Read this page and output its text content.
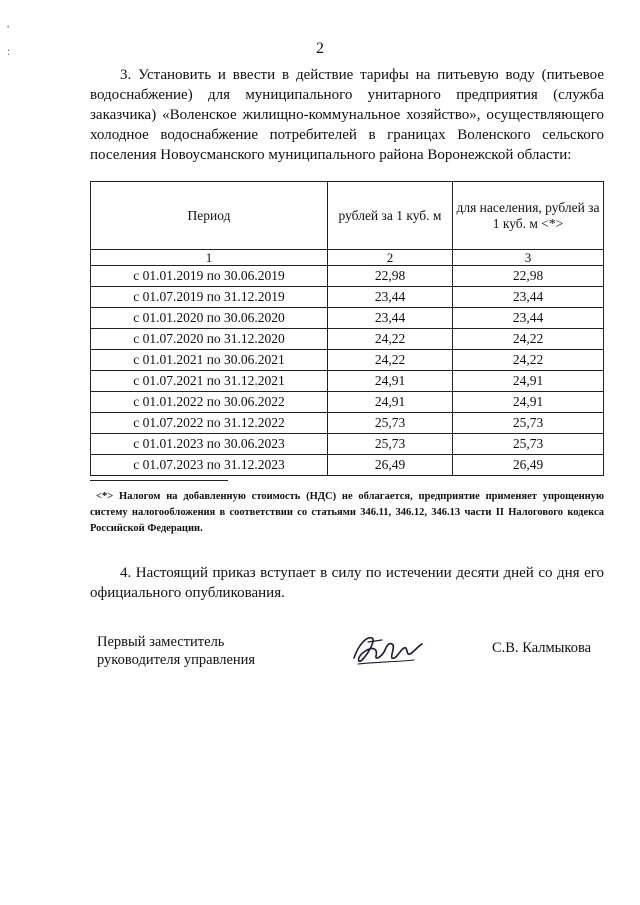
2
'
:
3. Установить и ввести в действие тарифы на питьевую воду (питьевое водоснабжение) для муниципального унитарного предприятия (служба заказчика) «Воленское жилищно-коммунальное хозяйство», осуществляющего холодное водоснабжение потребителей в границах Воленского сельского поселения Новоусманского муниципального района Воронежской области:
Период	рублей за 1 куб. м	для населения, рублей за 1 куб. м <*>
1	2	3
с 01.01.2019 по 30.06.2019	22,98	22,98
с 01.07.2019 по 31.12.2019	23,44	23,44
с 01.01.2020 по 30.06.2020	23,44	23,44
с 01.07.2020 по 31.12.2020	24,22	24,22
с 01.01.2021 по 30.06.2021	24,22	24,22
с 01.07.2021 по 31.12.2021	24,91	24,91
с 01.01.2022 по 30.06.2022	24,91	24,91
с 01.07.2022 по 31.12.2022	25,73	25,73
с 01.01.2023 по 30.06.2023	25,73	25,73
с 01.07.2023 по 31.12.2023	26,49	26,49
<*> Налогом на добавленную стоимость (НДС) не облагается, предприятие применяет упрощенную систему налогообложения в соответствии со статьями 346.11, 346.12, 346.13 части II Налогового кодекса Российской Федерации.
4. Настоящий приказ вступает в силу по истечении десяти дней со дня его официального опубликования.
Первый заместитель
руководителя управления
С.В. Калмыкова
